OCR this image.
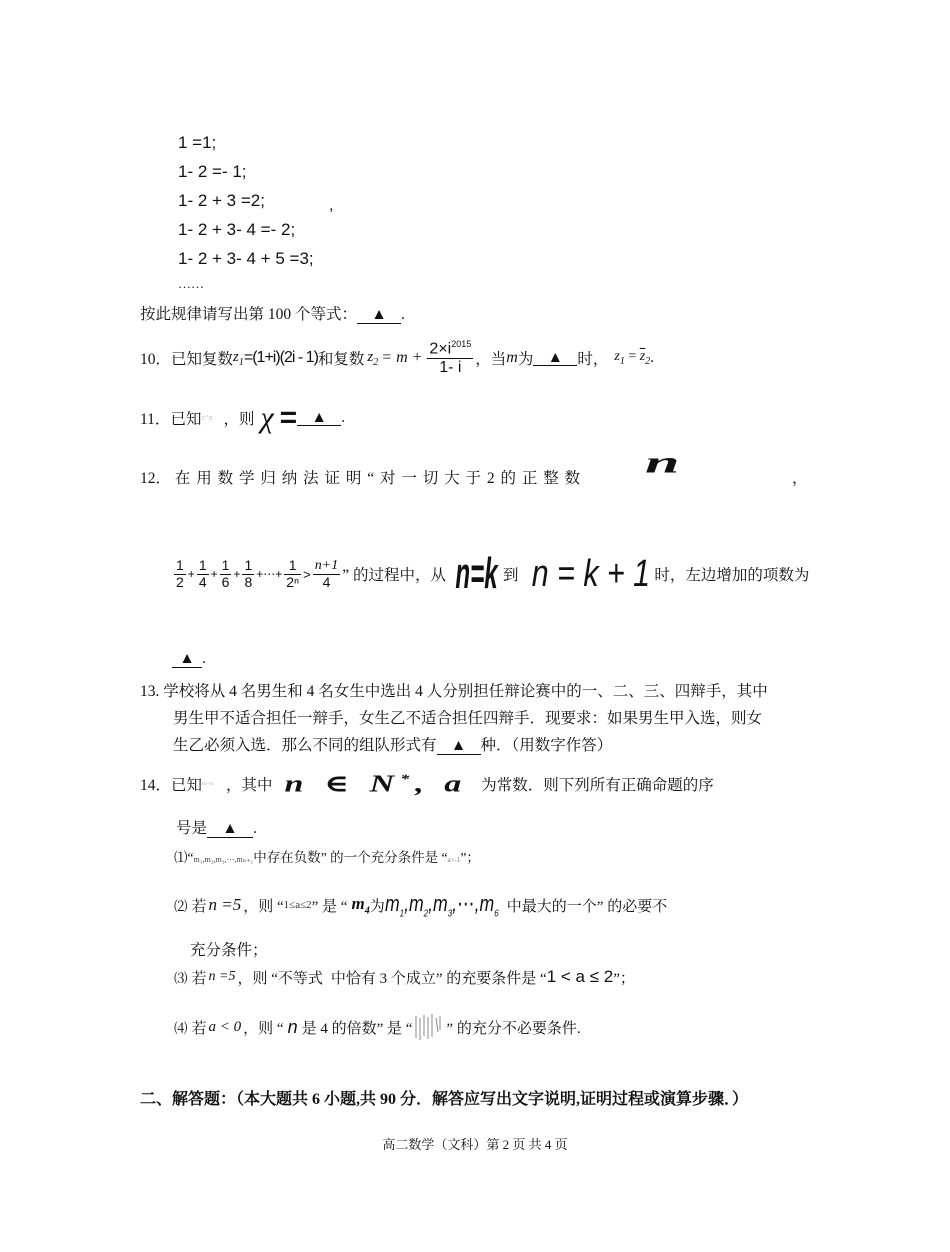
1 =1;
1- 2 =- 1;
1- 2 + 3 =2;
1- 2 + 3- 4 =- 2;
1- 2 + 3- 4 + 5 =3;
……
,
按此规律请写出第 100 个等式： ▲ .
10． 已知复数 $z_1 =(1+i)(2i - 1)$ 和复数 $z_2 = m + \frac{2\times i^{2015}}{1- i}$ ，当 m 为 ▲ 时， $z_1 = \overline{z}_2$ .
11． 已知 c^x ，则 χ = ▲ .
12． 在 用 数 学 归 纳 法 证 明 “ 对 一 切 大 于 2 的 正 整 数 n	，
$\frac{1}{2} + \frac{1}{4} + \frac{1}{6} + \frac{1}{8}$ +⋯+ $\frac{1}{\text{2ⁿ}} > \frac{n+1}{4}$ ” 的过程中，从 n=k 到 n = k + 1 时，左边增加的项数为
▲ .
13. 学校将从 4 名男生和 4 名女生中选出 4 人分别担任辩论赛中的一、二、三、四辩手，其中
男生甲不适合担任一辩手，女生乙不适合担任四辩手．现要求：如果男生甲入选，则女
生乙必须入选．那么不同的组队形式有 ▲ 种．（用数字作答）
14． 已知 m=a ，其中 n ∈ N*, a 为常数．则下列所有正确命题的序
号是 ▲ .
⑴“m₁,m₂,m₃,⋯,mₙ₊₁中存在负数” 的一个充分条件是 “a<-1”；
⑵ 若 n =5 ，则 “ 1≤a≤2 ” 是 “ $m_4$ 为 $m_1,m_2,m_3,\cdots,m_6$ 中最大的一个” 的必要不
充分条件；
⑶ 若 n =5 ，则 “不等式 中恰有 3 个成立” 的充要条件是 “ 1 < a ≤ 2 ”；
⑷ 若 a < 0 ，则 “ n 是 4 的倍数” 是 “ ” 的充分不必要条件.
二、解答题：（本大题共 6 小题,共 90 分．解答应写出文字说明,证明过程或演算步骤．）
高二数学（文科）第 2 页 共 4 页
